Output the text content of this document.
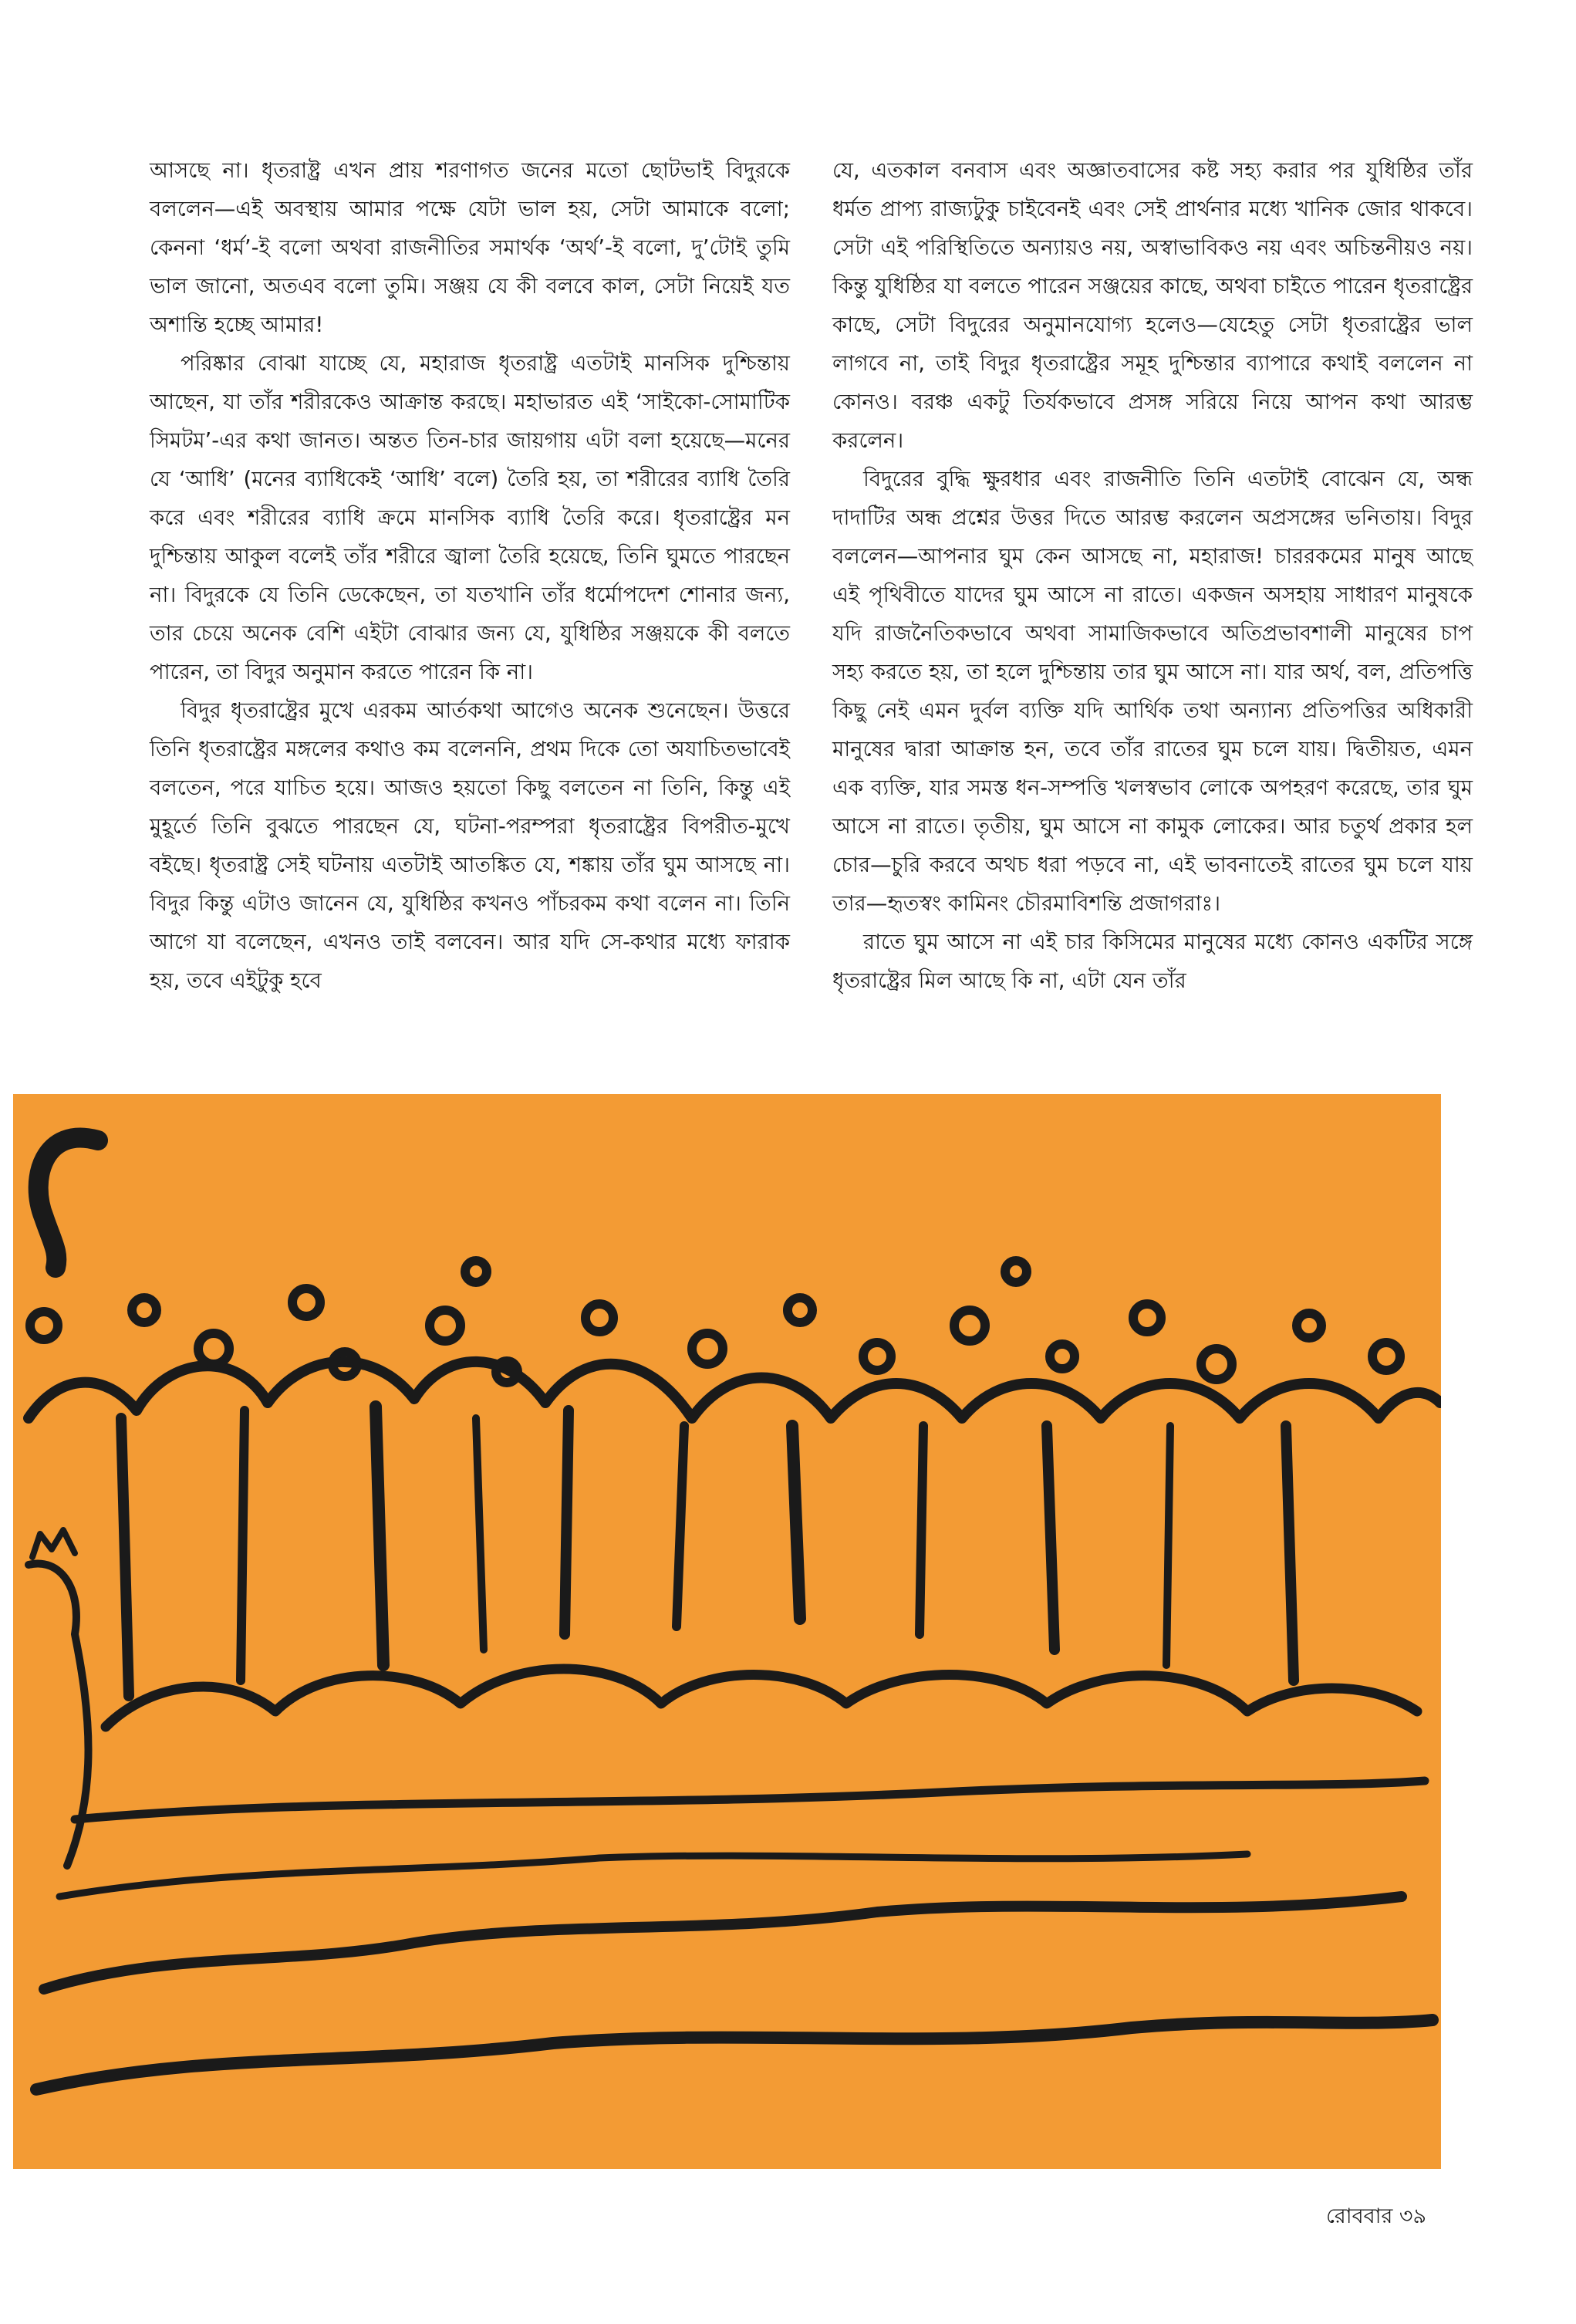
আসছে না। ধৃতরাষ্ট্র এখন প্রায় শরণাগত জনের মতো ছোটভাই বিদুরকে বললেন—এই অবস্থায় আমার পক্ষে যেটা ভাল হয়, সেটা আমাকে বলো; কেননা ‘ধর্ম’-ই বলো অথবা রাজনীতির সমার্থক ‘অর্থ’-ই বলো, দু’টোই তুমি ভাল জানো, অতএব বলো তুমি। সঞ্জয় যে কী বলবে কাল, সেটা নিয়েই যত অশান্তি হচ্ছে আমার!

পরিষ্কার বোঝা যাচ্ছে যে, মহারাজ ধৃতরাষ্ট্র এতটাই মানসিক দুশ্চিন্তায় আছেন, যা তাঁর শরীরকেও আক্রান্ত করছে। মহাভারত এই ‘সাইকো-সোমাটিক সিমটম’-এর কথা জানত। অন্তত তিন-চার জায়গায় এটা বলা হয়েছে—মনের যে ‘আধি’ (মনের ব্যাধিকেই ‘আধি’ বলে) তৈরি হয়, তা শরীরের ব্যাধি তৈরি করে এবং শরীরের ব্যাধি ক্রমে মানসিক ব্যাধি তৈরি করে। ধৃতরাষ্ট্রের মন দুশ্চিন্তায় আকুল বলেই তাঁর শরীরে জ্বালা তৈরি হয়েছে, তিনি ঘুমতে পারছেন না। বিদুরকে যে তিনি ডেকেছেন, তা যতখানি তাঁর ধর্মোপদেশ শোনার জন্য, তার চেয়ে অনেক বেশি এইটা বোঝার জন্য যে, যুধিষ্ঠির সঞ্জয়কে কী বলতে পারেন, তা বিদুর অনুমান করতে পারেন কি না।

বিদুর ধৃতরাষ্ট্রের মুখে এরকম আর্তকথা আগেও অনেক শুনেছেন। উত্তরে তিনি ধৃতরাষ্ট্রের মঙ্গলের কথাও কম বলেননি, প্রথম দিকে তো অযাচিতভাবেই বলতেন, পরে যাচিত হয়ে। আজও হয়তো কিছু বলতেন না তিনি, কিন্তু এই মুহূর্তে তিনি বুঝতে পারছেন যে, ঘটনা-পরম্পরা ধৃতরাষ্ট্রের বিপরীত-মুখে বইছে। ধৃতরাষ্ট্র সেই ঘটনায় এতটাই আতঙ্কিত যে, শঙ্কায় তাঁর ঘুম আসছে না। বিদুর কিন্তু এটাও জানেন যে, যুধিষ্ঠির কখনও পাঁচরকম কথা বলেন না। তিনি আগে যা বলেছেন, এখনও তাই বলবেন। আর যদি সে-কথার মধ্যে ফারাক হয়, তবে এইটুকু হবে

যে, এতকাল বনবাস এবং অজ্ঞাতবাসের কষ্ট সহ্য করার পর যুধিষ্ঠির তাঁর ধর্মত প্রাপ্য রাজ্যটুকু চাইবেনই এবং সেই প্রার্থনার মধ্যে খানিক জোর থাকবে। সেটা এই পরিস্থিতিতে অন্যায়ও নয়, অস্বাভাবিকও নয় এবং অচিন্তনীয়ও নয়। কিন্তু যুধিষ্ঠির যা বলতে পারেন সঞ্জয়ের কাছে, অথবা চাইতে পারেন ধৃতরাষ্ট্রের কাছে, সেটা বিদুরের অনুমানযোগ্য হলেও—যেহেতু সেটা ধৃতরাষ্ট্রের ভাল লাগবে না, তাই বিদুর ধৃতরাষ্ট্রের সমূহ দুশ্চিন্তার ব্যাপারে কথাই বললেন না কোনও। বরঞ্চ একটু তির্যকভাবে প্রসঙ্গ সরিয়ে নিয়ে আপন কথা আরম্ভ করলেন।

বিদুরের বুদ্ধি ক্ষুরধার এবং রাজনীতি তিনি এতটাই বোঝেন যে, অন্ধ দাদাটির অন্ধ প্রশ্নের উত্তর দিতে আরম্ভ করলেন অপ্রসঙ্গের ভনিতায়। বিদুর বললেন—আপনার ঘুম কেন আসছে না, মহারাজ! চাররকমের মানুষ আছে এই পৃথিবীতে যাদের ঘুম আসে না রাতে। একজন অসহায় সাধারণ মানুষকে যদি রাজনৈতিকভাবে অথবা সামাজিকভাবে অতিপ্রভাবশালী মানুষের চাপ সহ্য করতে হয়, তা হলে দুশ্চিন্তায় তার ঘুম আসে না। যার অর্থ, বল, প্রতিপত্তি কিছু নেই এমন দুর্বল ব্যক্তি যদি আর্থিক তথা অন্যান্য প্রতিপত্তির অধিকারী মানুষের দ্বারা আক্রান্ত হন, তবে তাঁর রাতের ঘুম চলে যায়। দ্বিতীয়ত, এমন এক ব্যক্তি, যার সমস্ত ধন-সম্পত্তি খলস্বভাব লোকে অপহরণ করেছে, তার ঘুম আসে না রাতে। তৃতীয়, ঘুম আসে না কামুক লোকের। আর চতুর্থ প্রকার হল চোর—চুরি করবে অথচ ধরা পড়বে না, এই ভাবনাতেই রাতের ঘুম চলে যায় তার—হৃতস্বং কামিনং চৌরমাবিশন্তি প্রজাগরাঃ।

রাতে ঘুম আসে না এই চার কিসিমের মানুষের মধ্যে কোনও একটির সঙ্গে ধৃতরাষ্ট্রের মিল আছে কি না, এটা যেন তাঁর

রোববার ৩৯
